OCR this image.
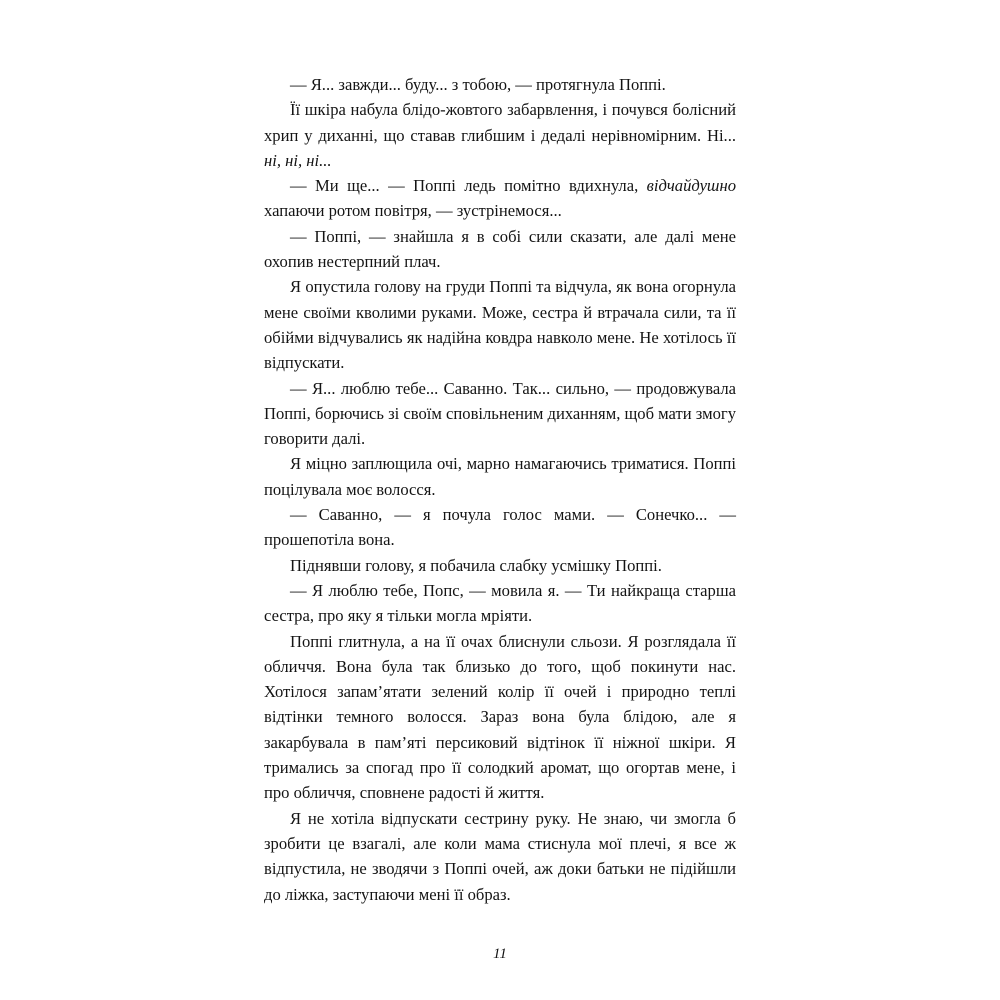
— Я... завжди... буду... з тобою, — протягнула Поппі.

Її шкіра набула блідо-жовтого забарвлення, і почувся болісний хрип у диханні, що ставав глибшим і дедалі нерівномірним. Ні... ні, ні, ні...

— Ми ще... — Поппі ледь помітно вдихнула, відчайдушно хапаючи ротом повітря, — зустрінемося...

— Поппі, — знайшла я в собі сили сказати, але далі мене охопив нестерпний плач.

Я опустила голову на груди Поппі та відчула, як вона огорнула мене своїми кволими руками. Може, сестра й втрачала сили, та її обійми відчувались як надійна ковдра навколо мене. Не хотілось її відпускати.

— Я... люблю тебе... Саванно. Так... сильно, — продовжувала Поппі, борючись зі своїм сповільненим диханням, щоб мати змогу говорити далі.

Я міцно заплющила очі, марно намагаючись триматися. Поппі поцілувала моє волосся.

— Саванно, — я почула голос мами. — Сонечко... — прошепотіла вона.

Піднявши голову, я побачила слабку усмішку Поппі.

— Я люблю тебе, Попс, — мовила я. — Ти найкраща старша сестра, про яку я тільки могла мріяти.

Поппі глитнула, а на її очах блиснули сльози. Я розглядала її обличчя. Вона була так близько до того, щоб покинути нас. Хотілося запам’ятати зелений колір її очей і природно теплі відтінки темного волосся. Зараз вона була блідою, але я закарбувала в пам’яті персиковий відтінок її ніжної шкіри. Я тримались за спогад про її солодкий аромат, що огортав мене, і про обличчя, сповнене радості й життя.

Я не хотіла відпускати сестрину руку. Не знаю, чи змогла б зробити це взагалі, але коли мама стиснула мої плечі, я все ж відпустила, не зводячи з Поппі очей, аж доки батьки не підійшли до ліжка, заступаючи мені її образ.

11
